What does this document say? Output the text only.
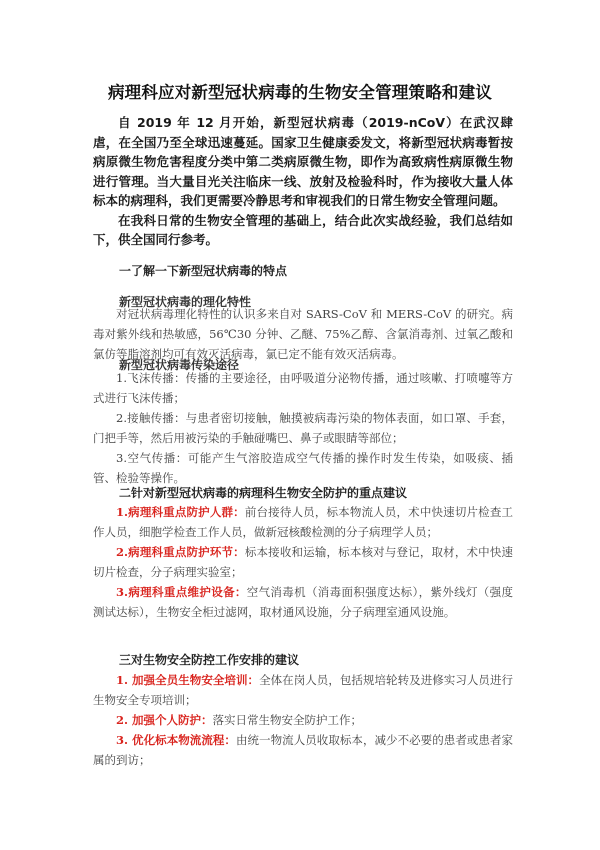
病理科应对新型冠状病毒的生物安全管理策略和建议

自 2019 年 12 月开始，新型冠状病毒（2019-nCoV）在武汉肆虐，在全国乃至全球迅速蔓延。国家卫生健康委发文，将新型冠状病毒暂按病原微生物危害程度分类中第二类病原微生物，即作为高致病性病原微生物进行管理。当大量目光关注临床一线、放射及检验科时，作为接收大量人体标本的病理科，我们更需要冷静思考和审视我们的日常生物安全管理问题。

在我科日常的生物安全管理的基础上，结合此次实战经验，我们总结如下，供全国同行参考。

一了解一下新型冠状病毒的特点
新型冠状病毒的理化特性

对冠状病毒理化特性的认识多来自对 SARS-CoV 和 MERS-CoV 的研究。病毒对紫外线和热敏感，56℃30 分钟、乙醚、75%乙醇、含氯消毒剂、过氧乙酸和氯仿等脂溶剂均可有效灭活病毒，氯已定不能有效灭活病毒。

新型冠状病毒传染途径

1.飞沫传播：传播的主要途径，由呼吸道分泌物传播，通过咳嗽、打喷嚏等方式进行飞沫传播；

2.接触传播：与患者密切接触，触摸被病毒污染的物体表面，如口罩、手套，门把手等，然后用被污染的手触碰嘴巴、鼻子或眼睛等部位；

3.空气传播：可能产生气溶胶造成空气传播的操作时发生传染，如吸痰、插管、检验等操作。

二针对新型冠状病毒的病理科生物安全防护的重点建议

1.病理科重点防护人群：前台接待人员，标本物流人员，术中快速切片检查工作人员，细胞学检查工作人员，做新冠核酸检测的分子病理学人员；

2.病理科重点防护环节：标本接收和运输，标本核对与登记，取材，术中快速切片检查，分子病理实验室；

3.病理科重点维护设备：空气消毒机（消毒面积强度达标），紫外线灯（强度测试达标），生物安全柜过滤网，取材通风设施，分子病理室通风设施。

三对生物安全防控工作安排的建议

1. 加强全员生物安全培训：全体在岗人员，包括规培轮转及进修实习人员进行生物安全专项培训；

2. 加强个人防护：落实日常生物安全防护工作；

3. 优化标本物流流程：由统一物流人员收取标本，减少不必要的患者或患者家属的到访；
